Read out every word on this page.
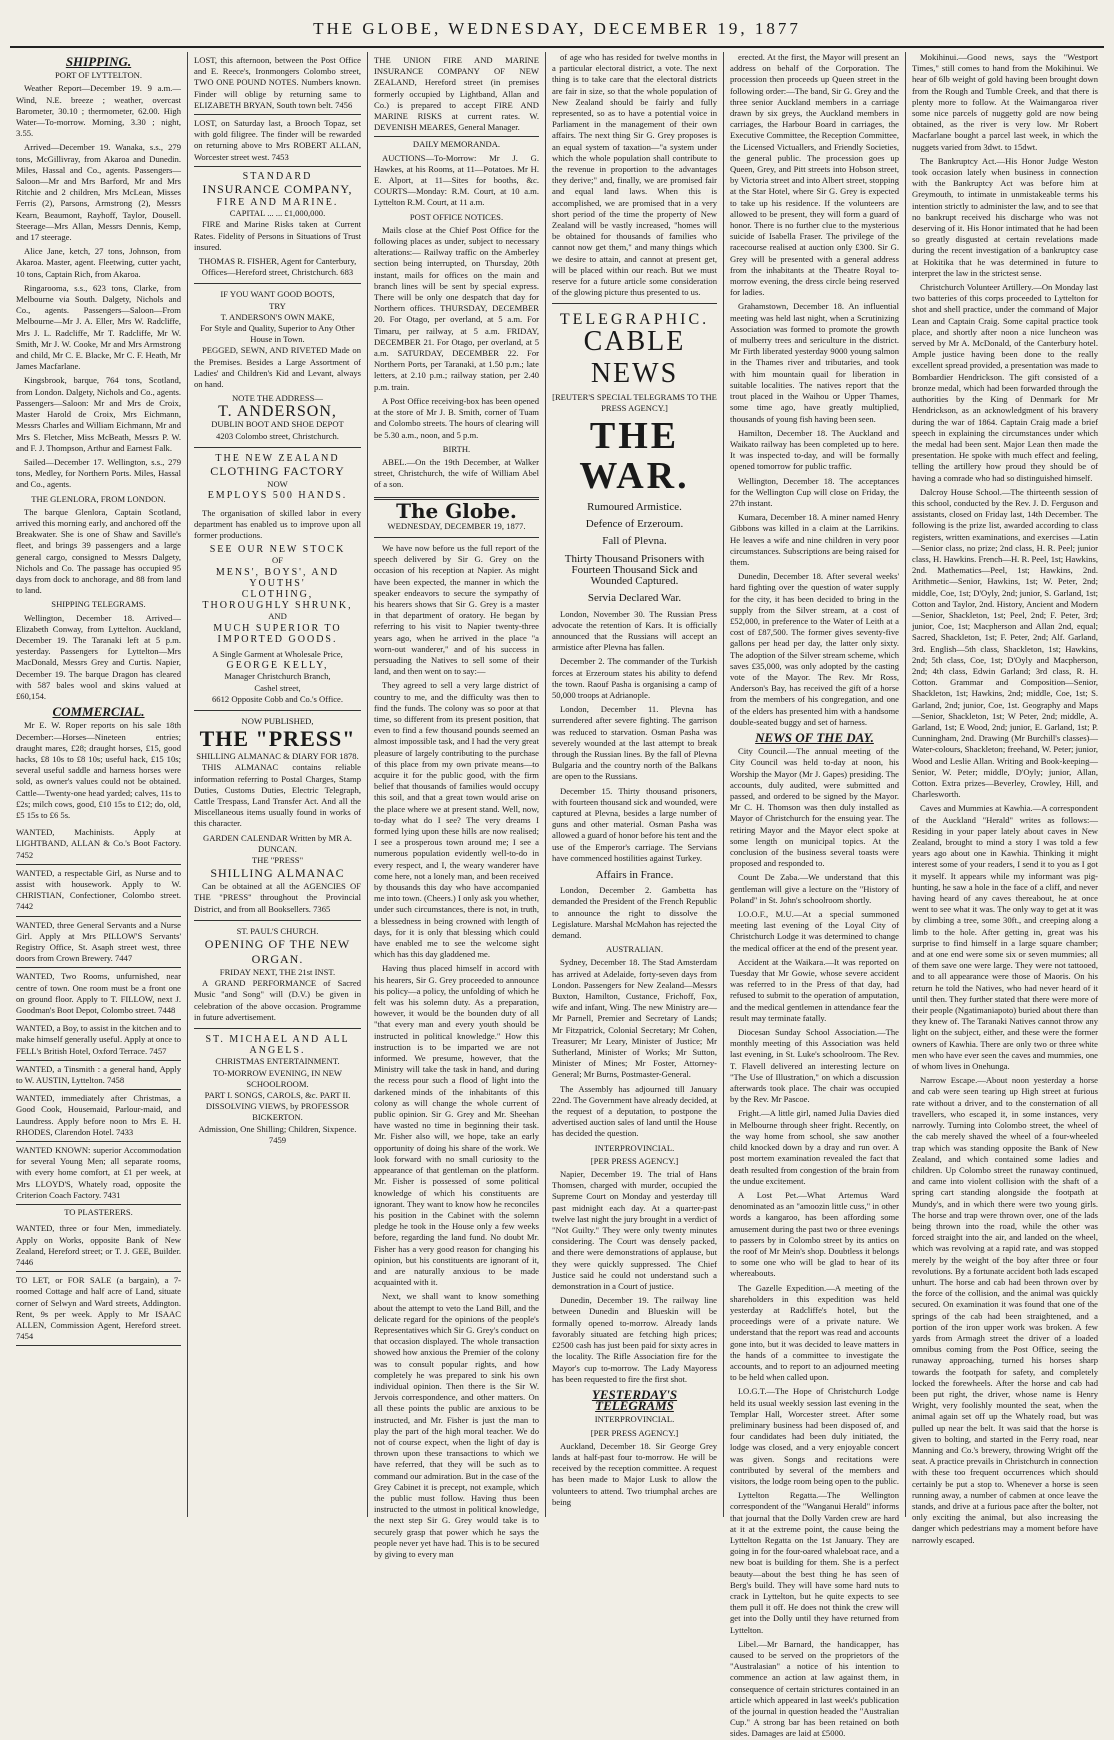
THE GLOBE, WEDNESDAY, DECEMBER 19, 1877
SHIPPING.
PORT OF LYTTELTON.

Weather Report—December 19. 9 a.m.—Wind, N.E. breeze ; weather, overcast Barometer, 30.10 ; thermometer, 62.00. High Water—To-morrow. Morning, 3.30 ; night, 3.55.

Arrived—December 19. Wanaka, s.s., 279 tons, McGillivray, from Akaroa and Dunedin. Miles, Hassal and Co., agents. Passengers—Saloon—Mr and Mrs Barford, Mr and Mrs Ritchie and 2 children, Mrs McLean, Misses Ferris (2), Parsons, Armstrong (2), Messrs Kearn, Beaumont, Rayhoff, Taylor, Dousell. Steerage—Mrs Allan, Messrs Dennis, Kemp, and 17 steerage.

Alice Jane, ketch, 27 tons, Johnson, from Akaroa. Master, agent. Fleetwing, cutter yacht, 10 tons, Captain Rich, from Akaroa.

Ringarooma, s.s., 623 tons, Clarke, from Melbourne via South. Dalgety, Nichols and Co., agents. Passengers—Saloon—From Melbourne—Mr J. A. Eller, Mrs W. Radcliffe, Mrs J. L. Radcliffe, Mr T. Radcliffe, Mr W. Smith, Mr J. W. Cooke, Mr and Mrs Armstrong and child, Mr C. E. Blacke, Mr C. F. Heath, Mr James Macfarlane.

Kingsbrook, barque, 764 tons, Scotland, from London. Dalgety, Nichols and Co., agents. Passengers—Saloon: Mr and Mrs de Croix, Master Harold de Croix, Mrs Eichmann, Messrs Charles and William Eichmann, Mr and Mrs S. Fletcher, Miss McBeath, Messrs P. W. and F. J. Thompson, Arthur and Earnest Falk.

Sailed—December 17. Wellington, s.s., 279 tons, Medley, for Northern Ports. Miles, Hassal and Co., agents.

THE GLENLORA, FROM LONDON.

The barque Glenlora, Captain Scotland, arrived this morning early, and anchored off the Breakwater. She is one of Shaw and Saville's fleet, and brings 39 passengers and a large general cargo, consigned to Messrs Dalgety, Nichols and Co. The passage has occupied 95 days from dock to anchorage, and 88 from land to land.

SHIPPING TELEGRAMS.

Wellington, December 18. Arrived—Elizabeth Conway, from Lyttelton. Auckland, December 19. The Taranaki left at 5 p.m. yesterday. Passengers for Lyttelton—Mrs MacDonald, Messrs Grey and Curtis. Napier, December 19. The barque Dragon has cleared with 587 bales wool and skins valued at £60,154.

COMMERCIAL.

Mr E. W. Roper reports on his sale 18th December:—Horses—Nineteen entries; draught mares, £28; draught horses, £15, good hacks, £8 10s to £8 10s; useful hack, £15 10s; several useful saddle and harness horses were sold, as owner's values could not be obtained. Cattle—Twenty-one head yarded; calves, 11s to £2s; milch cows, good, £10 15s to £12; do, old, £5 15s to £6 5s.

WANTED, Machinists. Apply at LIGHTBAND, ALLAN & Co.'s Boot Factory. 7452
WANTED, a respectable Girl, as Nurse and to assist with housework. Apply to W. CHRISTIAN, Confectioner, Colombo street. 7442
WANTED, three General Servants and a Nurse Girl. Apply at Mrs PILLOW'S Servants' Registry Office, St. Asaph street west, three doors from Crown Brewery. 7447
WANTED, Two Rooms, unfurnished, near centre of town. One room must be a front one on ground floor. Apply to T. FILLOW, next J. Goodman's Boot Depot, Colombo street. 7448
WANTED, a Boy, to assist in the kitchen and to make himself generally useful. Apply at once to FELL's British Hotel, Oxford Terrace. 7457
WANTED, a Tinsmith : a general hand, Apply to W. AUSTIN, Lyttelton. 7458
WANTED, immediately after Christmas, a Good Cook, Housemaid, Parlour-maid, and Laundress. Apply before noon to Mrs E. H. RHODES, Clarendon Hotel. 7433
WANTED KNOWN: superior Accommodation for several Young Men; all separate rooms, with every home comfort, at £1 per week, at Mrs LLOYD'S, Whately road, opposite the Criterion Coach Factory. 7431
TO PLASTERERS.
WANTED, three or four Men, immediately. Apply on Works, opposite Bank of New Zealand, Hereford street; or T. J. GEE, Builder. 7446
TO LET, or FOR SALE (a bargain), a 7-roomed Cottage and half acre of Land, situate corner of Selwyn and Ward streets, Addington. Rent, 9s per week. Apply to Mr ISAAC ALLEN, Commission Agent, Hereford street. 7454
LOST, this afternoon, between the Post Office and E. Reece's, Ironmongers Colombo street, TWO ONE POUND NOTES. Numbers known. Finder will oblige by returning same to ELIZABETH BRYAN, South town belt. 7456
LOST, on Saturday last, a Brooch Topaz, set with gold filigree. The finder will be rewarded on returning above to Mrs ROBERT ALLAN, Worcester street west. 7453
STANDARD
INSURANCE COMPANY,
FIRE AND MARINE.
CAPITAL ... ... £1,000,000.

FIRE and Marine Risks taken at Current Rates. Fidelity of Persons in Situations of Trust insured.

THOMAS R. FISHER, Agent for Canterbury, Offices—Hereford street, Christchurch. 683
IF YOU WANT GOOD BOOTS,
TRY
T. ANDERSON'S OWN MAKE,
For Style and Quality, Superior to Any Other House in Town.

PEGGED, SEWN, AND RIVETED Made on the Premises. Besides a Large Assortment of Ladies' and Children's Kid and Levant, always on hand.

NOTE THE ADDRESS—
T. ANDERSON,
DUBLIN BOOT AND SHOE DEPOT
4203 Colombo street, Christchurch.
THE NEW ZEALAND
CLOTHING FACTORY
NOW
EMPLOYS 500 HANDS.

The organisation of skilled labor in every department has enabled us to improve upon all former productions.

SEE OUR NEW STOCK
OF
MENS', BOYS', AND YOUTHS'
CLOTHING,
THOROUGHLY SHRUNK,
AND
MUCH SUPERIOR TO
IMPORTED GOODS.
A Single Garment at Wholesale Price,
GEORGE KELLY,
Manager Christchurch Branch,
Cashel street,
6612 Opposite Cobb and Co.'s Office.
NOW PUBLISHED,
THE "PRESS"
SHILLING ALMANAC & DIARY FOR 1878.

THIS ALMANAC contains reliable information referring to Postal Charges, Stamp Duties, Customs Duties, Electric Telegraph, Cattle Trespass, Land Transfer Act. And all the Miscellaneous items usually found in works of this character.

GARDEN CALENDAR Written by MR A. DUNCAN.
THE "PRESS"
SHILLING ALMANAC

Can be obtained at all the AGENCIES OF THE "PRESS" throughout the Provincial District, and from all Booksellers. 7365

ST. PAUL'S CHURCH.
OPENING OF THE NEW ORGAN.
FRIDAY NEXT, THE 21st INST.

A GRAND PERFORMANCE of Sacred Music "and Song" will (D.V.) be given in celebration of the above occasion. Programme in future advertisement.

ST. MICHAEL AND ALL ANGELS.
CHRISTMAS ENTERTAINMENT.
TO-MORROW EVENING, IN NEW SCHOOLROOM.
PART I. SONGS, CAROLS, &c. PART II. DISSOLVING VIEWS, by PROFESSOR BICKERTON.
Admission, One Shilling; Children, Sixpence. 7459
THE UNION FIRE AND MARINE INSURANCE COMPANY OF NEW ZEALAND, Hereford street (in premises formerly occupied by Lightband, Allan and Co.) is prepared to accept FIRE AND MARINE RISKS at current rates. W. DEVENISH MEARES, General Manager.
DAILY MEMORANDA.

AUCTIONS—To-Morrow: Mr J. G. Hawkes, at his Rooms, at 11—Potatoes. Mr H. E. Alport, at 11—Sites for booths, &c. COURTS—Monday: R.M. Court, at 10 a.m. Lyttelton R.M. Court, at 11 a.m.

POST OFFICE NOTICES.

Mails close at the Chief Post Office for the following places as under, subject to necessary alterations:— Railway traffic on the Amberley section being interrupted, on Thursday, 20th instant, mails for offices on the main and branch lines will be sent by special express. There will be only one despatch that day for Northern offices. THURSDAY, DECEMBER 20. For Otago, per overland, at 5 a.m. For Timaru, per railway, at 5 a.m. FRIDAY, DECEMBER 21. For Otago, per overland, at 5 a.m. SATURDAY, DECEMBER 22. For Northern Ports, per Taranaki, at 1.50 p.m.; late letters, at 2.10 p.m.; railway station, per 2.40 p.m. train.

A Post Office receiving-box has been opened at the store of Mr J. B. Smith, corner of Tuam and Colombo streets. The hours of clearing will be 5.30 a.m., noon, and 5 p.m.

BIRTH.

ABEL.—On the 19th December, at Walker street, Christchurch, the wife of William Abel of a son.

The Globe.
WEDNESDAY, DECEMBER 19, 1877.

We have now before us the full report of the speech delivered by Sir G. Grey on the occasion of his reception at Napier. As might have been expected, the manner in which the speaker endeavors to secure the sympathy of his hearers shows that Sir G. Grey is a master in that department of oratory. He began by referring to his visit to Napier twenty-three years ago, when he arrived in the place "a worn-out wanderer," and of his success in persuading the Natives to sell some of their land, and then went on to say:—

They agreed to sell a very large district of country to me, and the difficulty was then to find the funds. The colony was so poor at that time, so different from its present position, that even to find a few thousand pounds seemed an almost impossible task, and I had the very great pleasure of largely contributing to the purchase of this place from my own private means—to acquire it for the public good, with the firm belief that thousands of families would occupy this soil, and that a great town would arise on the place where we at present stand. Well, now, to-day what do I see? The very dreams I formed lying upon these hills are now realised; I see a prosperous town around me; I see a numerous population evidently well-to-do in every respect, and I, the weary wanderer have come here, not a lonely man, and been received by thousands this day who have accompanied me into town. (Cheers.) I only ask you whether, under such circumstances, there is not, in truth, a blessedness in being crowned with length of days, for it is only that blessing which could have enabled me to see the welcome sight which has this day gladdened me.

Having thus placed himself in accord with his hearers, Sir G. Grey proceeded to announce his policy—a policy, the unfolding of which he felt was his solemn duty. As a preparation, however, it would be the bounden duty of all "that every man and every youth should be instructed in political knowledge." How this instruction is to be imparted we are not informed. We presume, however, that the Ministry will take the task in hand, and during the recess pour such a flood of light into the darkened minds of the inhabitants of this colony as will change the whole current of public opinion. Sir G. Grey and Mr. Sheehan have wasted no time in beginning their task. Mr. Fisher also will, we hope, take an early opportunity of doing his share of the work. We look forward with no small curiosity to the appearance of that gentleman on the platform. Mr. Fisher is possessed of some political knowledge of which his constituents are ignorant. They want to know how he reconciles his position in the Cabinet with the solemn pledge he took in the House only a few weeks before, regarding the land fund. No doubt Mr. Fisher has a very good reason for changing his opinion, but his constituents are ignorant of it, and are naturally anxious to be made acquainted with it.

Next, we shall want to know something about the attempt to veto the Land Bill, and the delicate regard for the opinions of the people's Representatives which Sir G. Grey's conduct on that occasion displayed. The whole transaction showed how anxious the Premier of the colony was to consult popular rights, and how completely he was prepared to sink his own individual opinion. Then there is the Sir W. Jervois correspondence, and other matters. On all these points the public are anxious to be instructed, and Mr. Fisher is just the man to play the part of the high moral teacher. We do not of course expect, when the light of day is thrown upon these transactions to which we have referred, that they will be such as to command our admiration. But in the case of the Grey Cabinet it is precept, not example, which the public must follow. Having thus been instructed to the utmost in political knowledge, the next step Sir G. Grey would take is to securely grasp that power which he says the people never yet have had. This is to be secured by giving to every man

of age who has resided for twelve months in a particular electoral district, a vote. The next thing is to take care that the electoral districts are fair in size, so that the whole population of New Zealand should be fairly and fully represented, so as to have a potential voice in Parliament in the management of their own affairs. The next thing Sir G. Grey proposes is an equal system of taxation—"a system under which the whole population shall contribute to the revenue in proportion to the advantages they derive;" and, finally, we are promised fair and equal land laws. When this is accomplished, we are promised that in a very short period of the time the property of New Zealand will be vastly increased, "homes will be obtained for thousands of families who cannot now get them," and many things which we desire to attain, and cannot at present get, will be placed within our reach. But we must reserve for a future article some consideration of the glowing picture thus presented to us.

TELEGRAPHIC.
CABLE NEWS
[REUTER'S SPECIAL TELEGRAMS TO THE PRESS AGENCY.]
THE WAR.
Rumoured Armistice.
Defence of Erzeroum.
Fall of Plevna.
Thirty Thousand Prisoners with Fourteen Thousand Sick and Wounded Captured.
Servia Declared War.

London, November 30. The Russian Press advocate the retention of Kars. It is officially announced that the Russians will accept an armistice after Plevna has fallen.

December 2. The commander of the Turkish forces at Erzeroum states his ability to defend the town. Raouf Pasha is organising a camp of 50,000 troops at Adrianople.

London, December 11. Plevna has surrendered after severe fighting. The garrison was reduced to starvation. Osman Pasha was severely wounded at the last attempt to break through the Russian lines. By the fall of Plevna Bulgaria and the country north of the Balkans are open to the Russians.

December 15. Thirty thousand prisoners, with fourteen thousand sick and wounded, were captured at Plevna, besides a large number of guns and other material. Osman Pasha was allowed a guard of honor before his tent and the use of the Emperor's carriage. The Servians have commenced hostilities against Turkey.

Affairs in France.

London, December 2. Gambetta has demanded the President of the French Republic to announce the right to dissolve the Legislature. Marshal McMahon has rejected the demand.

AUSTRALIAN.

Sydney, December 18. The Stad Amsterdam has arrived at Adelaide, forty-seven days from London. Passengers for New Zealand—Messrs Buxton, Hamilton, Custance, Frichoff, Fox, wife and infant, Wing. The new Ministry are—Mr Parnell, Premier and Secretary of Lands; Mr Fitzpatrick, Colonial Secretary; Mr Cohen, Treasurer; Mr Leary, Minister of Justice; Mr Sutherland, Minister of Works; Mr Sutton, Minister of Mines; Mr Foster, Attorney-General; Mr Burns, Postmaster-General.

The Assembly has adjourned till January 22nd. The Government have already decided, at the request of a deputation, to postpone the advertised auction sales of land until the House has decided the question.

INTERPROVINCIAL.
[PER PRESS AGENCY.]

Napier, December 19. The trial of Hans Thomsen, charged with murder, occupied the Supreme Court on Monday and yesterday till past midnight each day. At a quarter-past twelve last night the jury brought in a verdict of "Not Guilty." They were only twenty minutes considering. The Court was densely packed, and there were demonstrations of applause, but they were quickly suppressed. The Chief Justice said he could not understand such a demonstration in a Court of justice.

Dunedin, December 19. The railway line between Dunedin and Blueskin will be formally opened to-morrow. Already lands favorably situated are fetching high prices; £2500 cash has just been paid for sixty acres in the locality. The Rifle Association fire for the Mayor's cup to-morrow. The Lady Mayoress has been requested to fire the first shot.

YESTERDAY'S TELEGRAMS
INTERPROVINCIAL.
[PER PRESS AGENCY.]

Auckland, December 18. Sir George Grey lands at half-past four to-morrow. He will be received by the reception committee. A request has been made to Major Lusk to allow the volunteers to attend. Two triumphal arches are being

erected. At the first, the Mayor will present an address on behalf of the Corporation. The procession then proceeds up Queen street in the following order:—The band, Sir G. Grey and the three senior Auckland members in a carriage drawn by six greys, the Auckland members in carriages, the Harbour Board in carriages, the Executive Committee, the Reception Committee, the Licensed Victuallers, and Friendly Societies, the general public. The procession goes up Queen, Grey, and Pitt streets into Hobson street, by Victoria street and into Albert street, stopping at the Star Hotel, where Sir G. Grey is expected to take up his residence. If the volunteers are allowed to be present, they will form a guard of honor. There is no further clue to the mysterious suicide of Isabella Fraser. The privilege of the racecourse realised at auction only £300. Sir G. Grey will be presented with a general address from the inhabitants at the Theatre Royal to-morrow evening, the dress circle being reserved for ladies.

Grahamstown, December 18. An influential meeting was held last night, when a Scrutinizing Association was formed to promote the growth of mulberry trees and sericulture in the district. Mr Firth liberated yesterday 9000 young salmon in the Thames river and tributaries, and took with him mountain quail for liberation in suitable localities. The natives report that the trout placed in the Waihou or Upper Thames, some time ago, have greatly multiplied, thousands of young fish having been seen.

Hamilton, December 18. The Auckland and Waikato railway has been completed up to here. It was inspected to-day, and will be formally opened tomorrow for public traffic.

Wellington, December 18. The acceptances for the Wellington Cup will close on Friday, the 27th instant.

Kumara, December 18. A miner named Henry Gibbons was killed in a claim at the Larrikins. He leaves a wife and nine children in very poor circumstances. Subscriptions are being raised for them.

Dunedin, December 18. After several weeks' hard fighting over the question of water supply for the city, it has been decided to bring in the supply from the Silver stream, at a cost of £52,000, in preference to the Water of Leith at a cost of £87,500. The former gives seventy-five gallons per head per day, the latter only sixty. The adoption of the Silver stream scheme, which saves £35,000, was only adopted by the casting vote of the Mayor. The Rev. Mr Ross, Anderson's Bay, has received the gift of a horse from the members of his congregation, and one of the elders has presented him with a handsome double-seated buggy and set of harness.

NEWS OF THE DAY.

City Council.—The annual meeting of the City Council was held to-day at noon, his Worship the Mayor (Mr J. Gapes) presiding. The accounts, duly audited, were submitted and passed, and ordered to be signed by the Mayor. Mr C. H. Thomson was then duly installed as Mayor of Christchurch for the ensuing year. The retiring Mayor and the Mayor elect spoke at some length on municipal topics. At the conclusion of the business several toasts were proposed and responded to.

Count De Zaba.—We understand that this gentleman will give a lecture on the "History of Poland" in St. John's schoolroom shortly.

I.O.O.F., M.U.—At a special summoned meeting last evening of the Loyal City of Christchurch Lodge it was determined to change the medical officer at the end of the present year.

Accident at the Waikara.—It was reported on Tuesday that Mr Gowie, whose severe accident was referred to in the Press of that day, had refused to submit to the operation of amputation, and the medical gentlemen in attendance fear the result may terminate fatally.

Diocesan Sunday School Association.—The monthly meeting of this Association was held last evening, in St. Luke's schoolroom. The Rev. T. Flavell delivered an interesting lecture on "The Use of Illustration," on which a discussion afterwards took place. The chair was occupied by the Rev. Mr Pascoe.

Fright.—A little girl, named Julia Davies died in Melbourne through sheer fright. Recently, on the way home from school, she saw another child knocked down by a dray and run over. A post mortem examination revealed the fact that death resulted from congestion of the brain from the undue excitement.

A Lost Pet.—What Artemus Ward denominated as an "amoozin little cuss," in other words a kangaroo, has been affording some amusement during the past two or three evenings to passers by in Colombo street by its antics on the roof of Mr Mein's shop. Doubtless it belongs to some one who will be glad to hear of its whereabouts.

The Gazelle Expedition.—A meeting of the shareholders in this expedition was held yesterday at Radcliffe's hotel, but the proceedings were of a private nature. We understand that the report was read and accounts gone into, but it was decided to leave matters in the hands of a committee to investigate the accounts, and to report to an adjourned meeting to be held when called upon.

I.O.G.T.—The Hope of Christchurch Lodge held its usual weekly session last evening in the Templar Hall, Worcester street. After some preliminary business had been disposed of, and four candidates had been duly initiated, the lodge was closed, and a very enjoyable concert was given. Songs and recitations were contributed by several of the members and visitors, the lodge room being open to the public.

Lyttelton Regatta.—The Wellington correspondent of the "Wanganui Herald" informs that journal that the Dolly Varden crew are hard at it at the extreme point, the cause being the Lyttelton Regatta on the 1st January. They are going in for the four-oared whaleboat race, and a new boat is building for them. She is a perfect beauty—about the best thing he has seen of Berg's build. They will have some hard nuts to crack in Lyttelton, but he quite expects to see them pull it off. He does not think the crew will get into the Dolly until they have returned from Lyttelton.

Libel.—Mr Barnard, the handicapper, has caused to be served on the proprietors of the "Australasian" a notice of his intention to commence an action at law against them, in consequence of certain strictures contained in an article which appeared in last week's publication of the journal in question headed the "Australian Cup." A strong bar has been retained on both sides. Damages are laid at £5000.

Mokihinui.—Good news, says the "Westport Times," still comes to hand from the Mokihinui. We hear of 6lb weight of gold having been brought down from the Rough and Tumble Creek, and that there is plenty more to follow. At the Waimangaroa river some nice parcels of nuggetty gold are now being obtained, as the river is very low. Mr Robert Macfarlane bought a parcel last week, in which the nuggets varied from 3dwt. to 15dwt.

The Bankruptcy Act.—His Honor Judge Weston took occasion lately when business in connection with the Bankruptcy Act was before him at Greymouth, to intimate in unmistakeable terms his intention strictly to administer the law, and to see that no bankrupt received his discharge who was not deserving of it. His Honor intimated that he had been so greatly disgusted at certain revelations made during the recent investigation of a bankruptcy case at Hokitika that he was determined in future to interpret the law in the strictest sense.

Christchurch Volunteer Artillery.—On Monday last two batteries of this corps proceeded to Lyttelton for shot and shell practice, under the command of Major Lean and Captain Craig. Some capital practice took place, and shortly after noon a nice luncheon was served by Mr A. McDonald, of the Canterbury hotel. Ample justice having been done to the really excellent spread provided, a presentation was made to Bombardier Hendrickson. The gift consisted of a bronze medal, which had been forwarded through the authorities by the King of Denmark for Mr Hendrickson, as an acknowledgment of his bravery during the war of 1864. Captain Craig made a brief speech in explaining the circumstances under which the medal had been sent. Major Lean then made the presentation. He spoke with much effect and feeling, telling the artillery how proud they should be of having a comrade who had so distinguished himself.

Dalcroy House School.—The thirteenth session of this school, conducted by the Rev. J. D. Ferguson and assistants, closed on Friday last, 14th December. The following is the prize list, awarded according to class registers, written examinations, and exercises —Latin—Senior class, no prize; 2nd class, H. R. Peel; junior class, H. Hawkins. French—H. R. Peel, 1st; Hawkins, 2nd. Mathematics—Peel, 1st; Hawkins, 2nd. Arithmetic—Senior, Hawkins, 1st; W. Peter, 2nd; middle, Coe, 1st; D'Oyly, 2nd; junior, S. Garland, 1st; Cotton and Taylor, 2nd. History, Ancient and Modern—Senior, Shackleton, 1st; Peel, 2nd; F. Peter, 3rd; junior, Coe, 1st; Macpherson and Allan 2nd, equal; Sacred, Shackleton, 1st; F. Peter, 2nd; Alf. Garland, 3rd. English—5th class, Shackleton, 1st; Hawkins, 2nd; 5th class, Coe, 1st; D'Oyly and Macpherson, 2nd; 4th class, Edwin Garland; 3rd class, R. H. Cotton. Grammar and Composition—Senior, Shackleton, 1st; Hawkins, 2nd; middle, Coe, 1st; S. Garland, 2nd; junior, Coe, 1st. Geography and Maps—Senior, Shackleton, 1st; W Peter, 2nd; middle, A. Garland, 1st; E Wood, 2nd; junior, E. Garland, 1st; P. Cunningham, 2nd. Drawing (Mr Burchill's classes)—Water-colours, Shackleton; freehand, W. Peter; junior, Wood and Leslie Allan. Writing and Book-keeping—Senior, W. Peter; middle, D'Oyly; junior, Allan, Cotton. Extra prizes—Beverley, Crowley, Hill, and Charlesworth.

Caves and Mummies at Kawhia.—A correspondent of the Auckland "Herald" writes as follows:—Residing in your paper lately about caves in New Zealand, brought to mind a story I was told a few years ago about one in Kawhia. Thinking it might interest some of your readers, I send it to you as I got it myself. It appears while my informant was pig-hunting, he saw a hole in the face of a cliff, and never having heard of any caves thereabout, he at once went to see what it was. The only way to get at it was by climbing a tree, some 30ft., and creeping along a limb to the hole. After getting in, great was his surprise to find himself in a large square chamber; and at one end were some six or seven mummies; all of them save one were large. They were not tattooed, and to all appearance were those of Maoris. On his return he told the Natives, who had never heard of it until then. They further stated that there were more of their people (Ngatimaniapoto) buried about there than they knew of. The Taranaki Natives cannot throw any light on the subject, either, and these were the former owners of Kawhia. There are only two or three white men who have ever seen the caves and mummies, one of whom lives in Onehunga.

Narrow Escape.—About noon yesterday a horse and cab were seen tearing up High street at furious rate without a driver, and to the consternation of all travellers, who escaped it, in some instances, very narrowly. Turning into Colombo street, the wheel of the cab merely shaved the wheel of a four-wheeled trap which was standing opposite the Bank of New Zealand, and which contained some ladies and children. Up Colombo street the runaway continued, and came into violent collision with the shaft of a spring cart standing alongside the footpath at Mundy's, and in which there were two young girls. The horse and trap were thrown over, one of the lads being thrown into the road, while the other was forced straight into the air, and landed on the wheel, which was revolving at a rapid rate, and was stopped merely by the weight of the boy after three or four revolutions. By a fortunate accident both lads escaped unhurt. The horse and cab had been thrown over by the force of the collision, and the animal was quickly secured. On examination it was found that one of the springs of the cab had been straightened, and a portion of the iron upper work was broken. A few yards from Armagh street the driver of a loaded omnibus coming from the Post Office, seeing the runaway approaching, turned his horses sharp towards the footpath for safety, and completely locked the forewheels. After the horse and cab had been put right, the driver, whose name is Henry Wright, very foolishly mounted the seat, when the animal again set off up the Whately road, but was pulled up near the belt. It was said that the horse is given to bolting, and started in the Ferry road, near Manning and Co.'s brewery, throwing Wright off the seat. A practice prevails in Christchurch in connection with these too frequent occurrences which should certainly be put a stop to. Whenever a horse is seen running away, a number of cabmen at once leave the stands, and drive at a furious pace after the bolter, not only exciting the animal, but also increasing the danger which pedestrians may a moment before have narrowly escaped.
